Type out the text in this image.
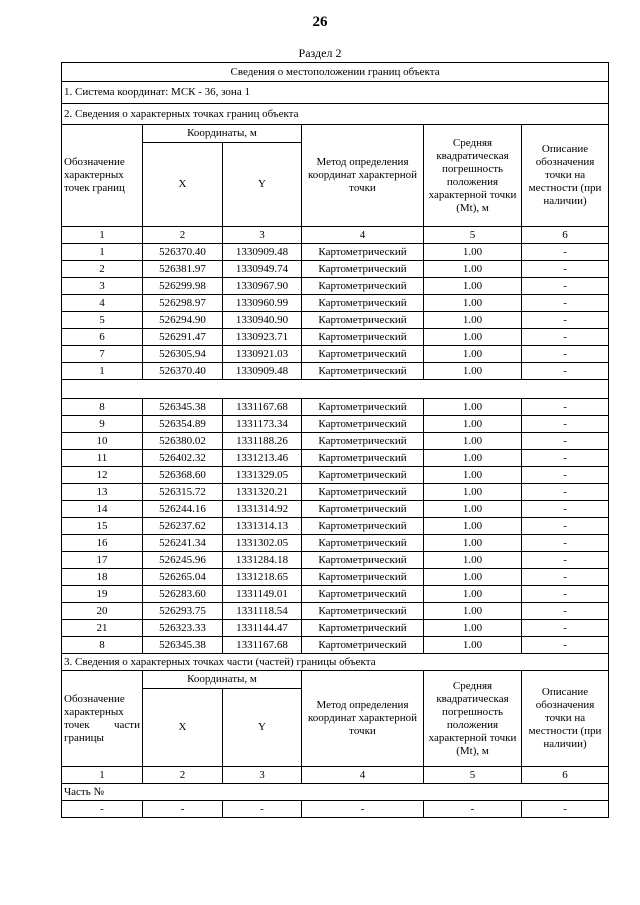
26
Раздел 2
Сведения о местоположении границ объекта					
1. Система координат: МСК - 36, зона 1					
2. Сведения о характерных точках границ объекта					
Обозначение характерных точек границ	Координаты, м		Метод определения координат характерной точки	Средняя квадратическая погрешность положения характерной точки (Mt), м	Описание обозначения точки на местности (при наличии)
	X	Y			
1	2	3	4	5	6
1	526370.40	1330909.48	Картометрический	1.00	-
2	526381.97	1330949.74	Картометрический	1.00	-
3	526299.98	1330967.90	Картометрический	1.00	-
4	526298.97	1330960.99	Картометрический	1.00	-
5	526294.90	1330940.90	Картометрический	1.00	-
6	526291.47	1330923.71	Картометрический	1.00	-
7	526305.94	1330921.03	Картометрический	1.00	-
1	526370.40	1330909.48	Картометрический	1.00	-

8	526345.38	1331167.68	Картометрический	1.00	-
9	526354.89	1331173.34	Картометрический	1.00	-
10	526380.02	1331188.26	Картометрический	1.00	-
11	526402.32	1331213.46	Картометрический	1.00	-
12	526368.60	1331329.05	Картометрический	1.00	-
13	526315.72	1331320.21	Картометрический	1.00	-
14	526244.16	1331314.92	Картометрический	1.00	-
15	526237.62	1331314.13	Картометрический	1.00	-
16	526241.34	1331302.05	Картометрический	1.00	-
17	526245.96	1331284.18	Картометрический	1.00	-
18	526265.04	1331218.65	Картометрический	1.00	-
19	526283.60	1331149.01	Картометрический	1.00	-
20	526293.75	1331118.54	Картометрический	1.00	-
21	526323.33	1331144.47	Картометрический	1.00	-
8	526345.38	1331167.68	Картометрический	1.00	-
3. Сведения о характерных точках части (частей) границы объекта					
Обозначение характерных точек части границы	Координаты, м		Метод определения координат характерной точки	Средняя квадратическая погрешность положения характерной точки (Mt), м	Описание обозначения точки на местности (при наличии)
	X	Y			
1	2	3	4	5	6
Часть №					
-	-	-	-	-	-
